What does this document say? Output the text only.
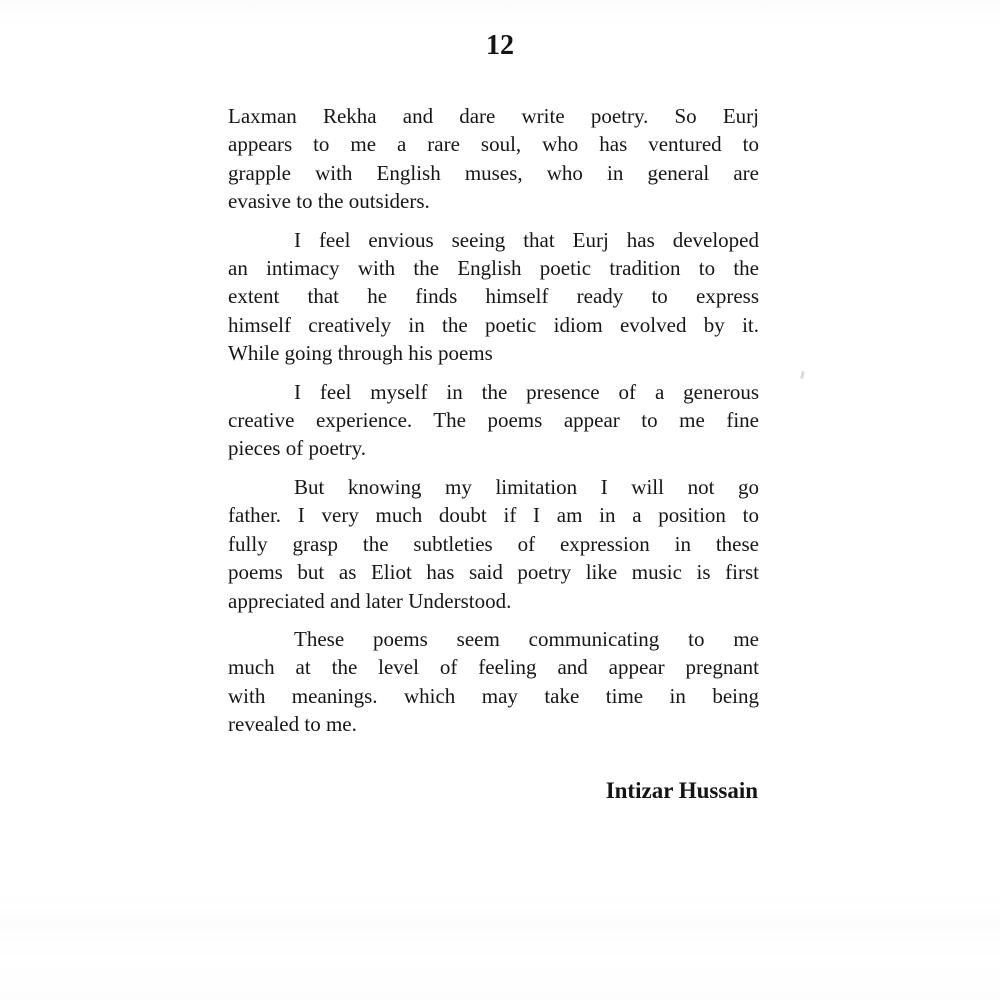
12

Laxman Rekha and dare write poetry. So Eurj
appears to me a rare soul, who has ventured to
grapple with English muses, who in general are
evasive to the outsiders.

I feel envious seeing that Eurj has developed
an intimacy with the English poetic tradition to the
extent that he finds himself ready to express
himself creatively in the poetic idiom evolved by it.
While going through his poems

I feel myself in the presence of a generous
creative experience. The poems appear to me fine
pieces of poetry.

But knowing my limitation I will not go
father. I very much doubt if I am in a position to
fully grasp the subtleties of expression in these
poems but as Eliot has said poetry like music is first
appreciated and later Understood.

These poems seem communicating to me
much at the level of feeling and appear pregnant
with meanings. which may take time in being
revealed to me.

Intizar Hussain
